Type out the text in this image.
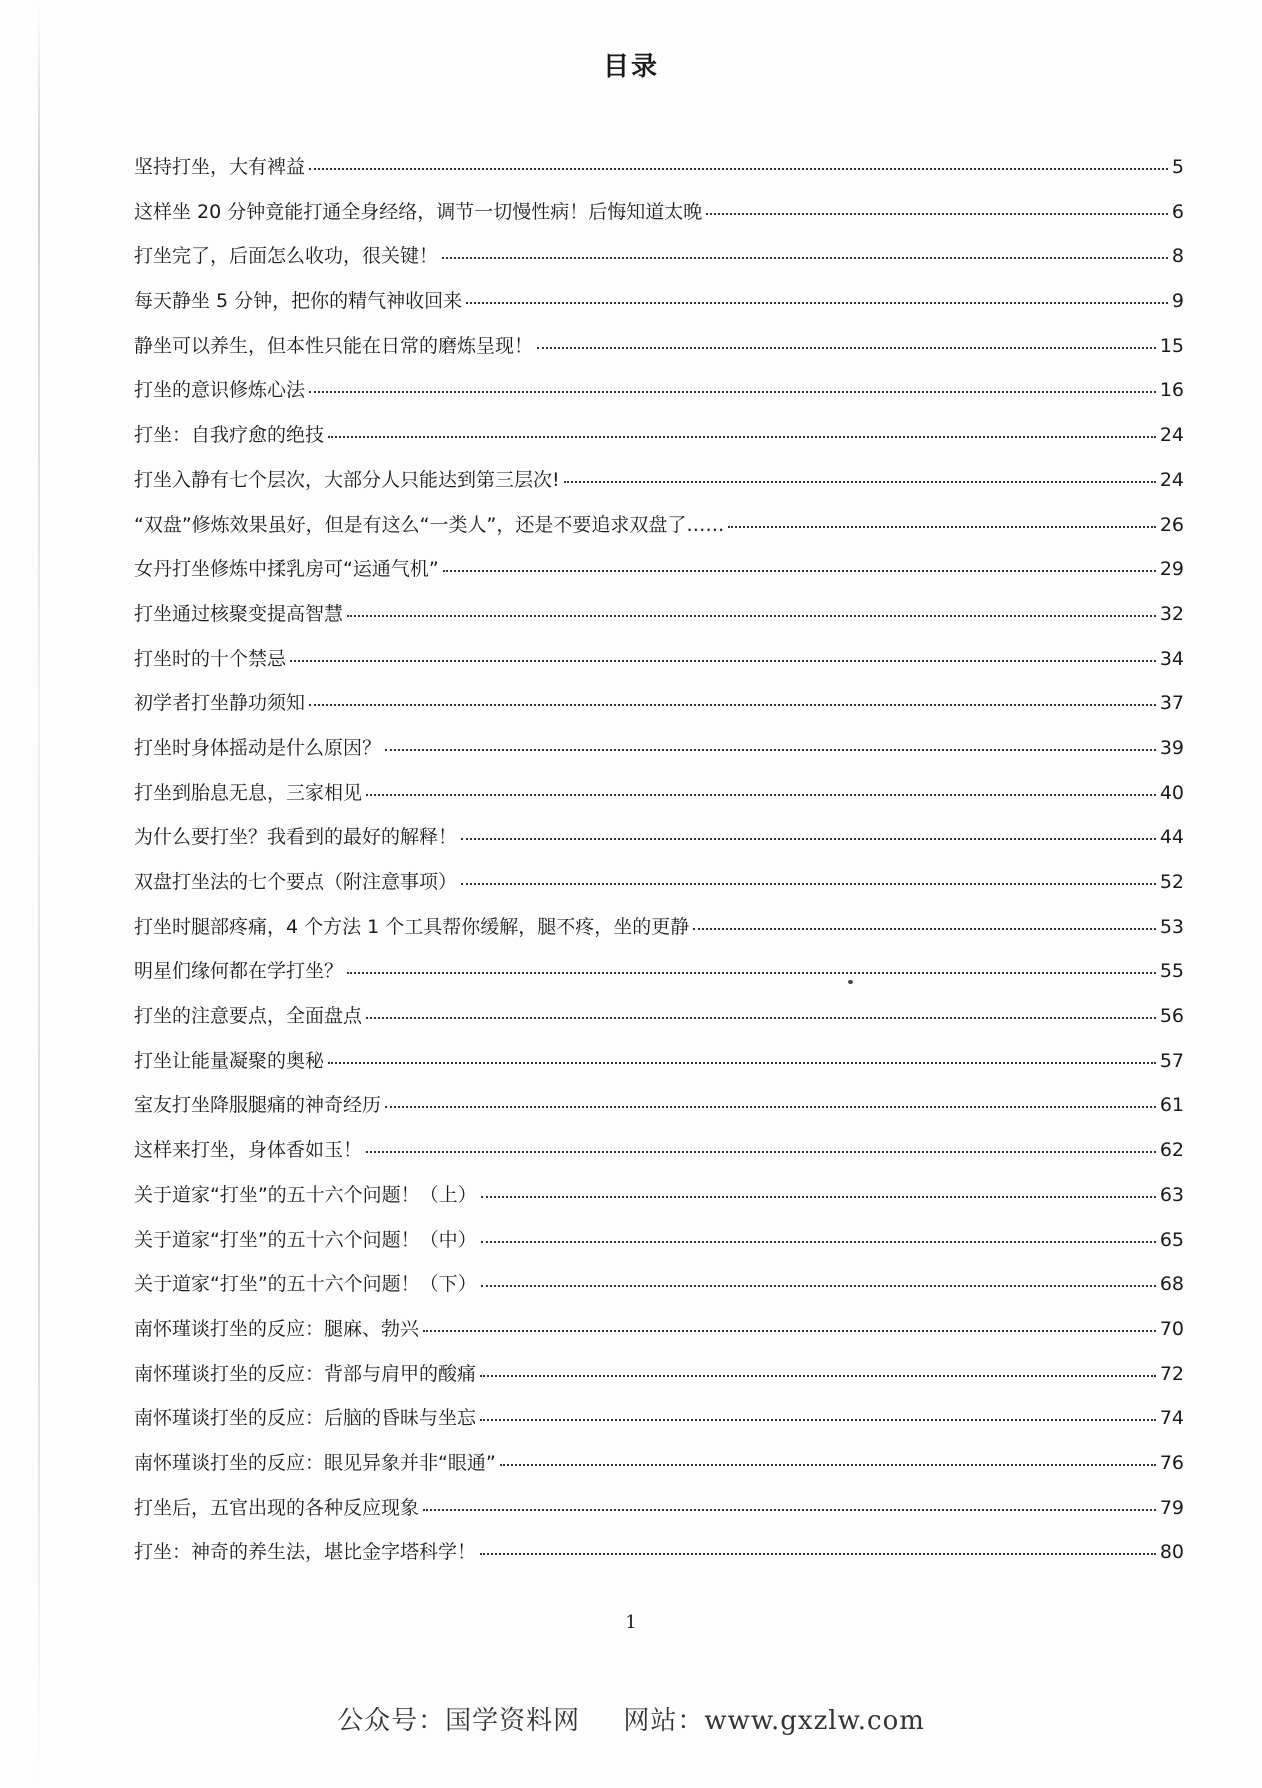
目录
坚持打坐，大有裨益	5
这样坐 20 分钟竟能打通全身经络，调节一切慢性病！后悔知道太晚	6
打坐完了，后面怎么收功，很关键！	8
每天静坐 5 分钟，把你的精气神收回来	9
静坐可以养生，但本性只能在日常的磨炼呈现！	15
打坐的意识修炼心法	16
打坐：自我疗愈的绝技	24
打坐入静有七个层次，大部分人只能达到第三层次!	24
“双盘”修炼效果虽好，但是有这么“一类人”，还是不要追求双盘了……	26
女丹打坐修炼中揉乳房可“运通气机”	29
打坐通过核聚变提高智慧	32
打坐时的十个禁忌	34
初学者打坐静功须知	37
打坐时身体摇动是什么原因？	39
打坐到胎息无息，三家相见	40
为什么要打坐？我看到的最好的解释！	44
双盘打坐法的七个要点（附注意事项）	52
打坐时腿部疼痛，4 个方法 1 个工具帮你缓解，腿不疼，坐的更静	53
明星们缘何都在学打坐？	55
打坐的注意要点，全面盘点	56
打坐让能量凝聚的奥秘	57
室友打坐降服腿痛的神奇经历	61
这样来打坐，身体香如玉！	62
关于道家“打坐”的五十六个问题！（上）	63
关于道家“打坐”的五十六个问题！（中）	65
关于道家“打坐”的五十六个问题！（下）	68
南怀瑾谈打坐的反应：腿麻、勃兴	70
南怀瑾谈打坐的反应：背部与肩甲的酸痛	72
南怀瑾谈打坐的反应：后脑的昏昧与坐忘	74
南怀瑾谈打坐的反应：眼见异象并非“眼通”	76
打坐后，五官出现的各种反应现象	79
打坐：神奇的养生法，堪比金字塔科学！	80
1
公众号：国学资料网 网站：www.gxzlw.com
